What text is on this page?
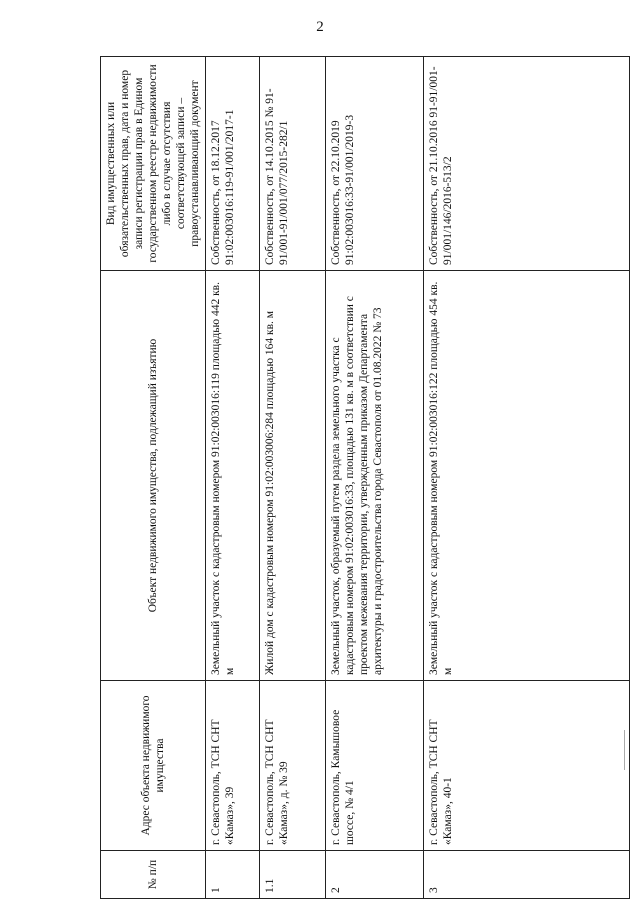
2
№ п/п	Адрес объекта недвижимого имущества	Объект недвижимого имущества, подлежащий изъятию	Вид имущественных или обязательственных прав, дата и номер записи регистрации прав в Едином государственном реестре недвижимости либо в случае отсутствия соответствующей записи – правоустанавливающий документ
1	г. Севастополь, ТСН СНТ «Камаз», 39	Земельный участок с кадастровым номером 91:02:003016:119 площадью 442 кв. м	Собственность, от 18.12.2017 91:02:003016:119-91/001/2017-1
1.1	г. Севастополь, ТСН СНТ «Камаз», д. № 39	Жилой дом с кадастровым номером 91:02:003006:284 площадью 164 кв. м	Собственность, от 14.10.2015 № 91-91/001-91/001/077/2015-282/1
2	г. Севастополь, Камышовое шоссе, № 4/1	Земельный участок, образуемый путем раздела земельного участка с кадастровым номером 91:02:003016:33, площадью 131 кв. м в соответствии с проектом межевания территории, утвержденным приказом Департамента архитектуры и градостроительства города Севастополя от 01.08.2022 № 73	Собственность, от 22.10.2019 91:02:003016:33-91/001/2019-3
3	г. Севастополь, ТСН СНТ «Камаз», 40-1	Земельный участок с кадастровым номером 91:02:003016:122 площадью 454 кв. м	Собственность, от 21.10.2016 91-91/001-91/001/146/2016-513/2
